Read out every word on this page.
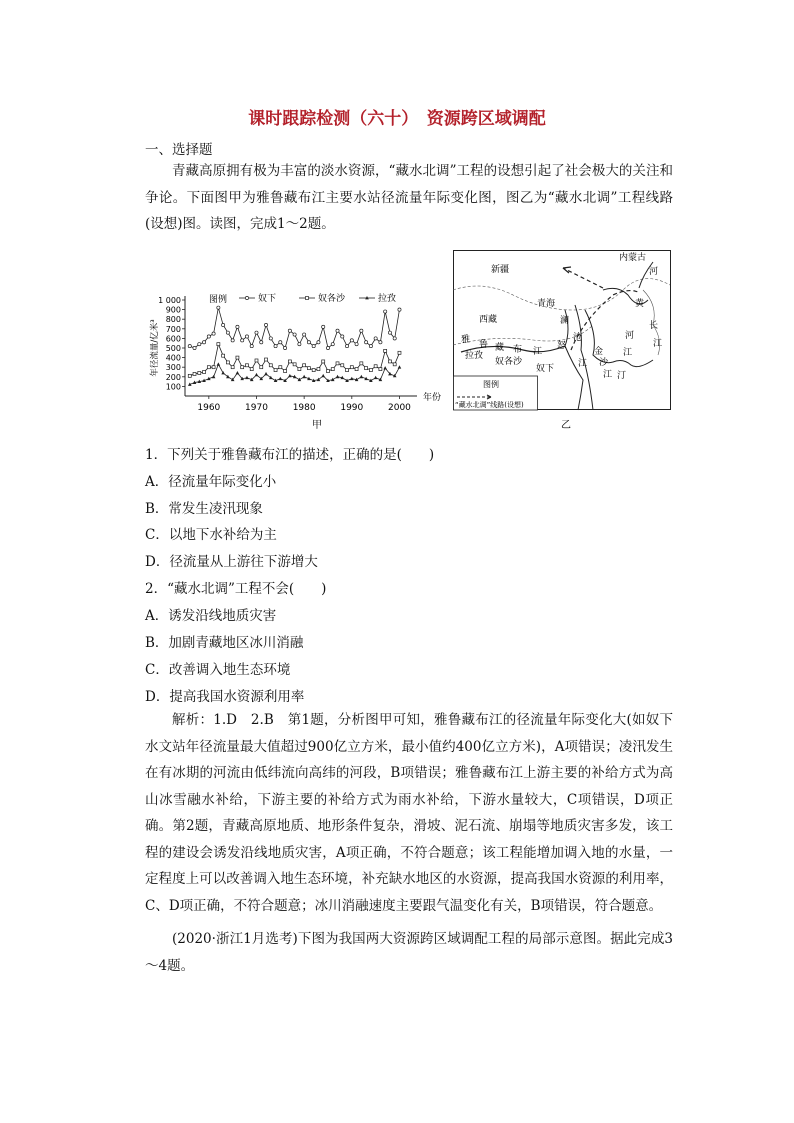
课时跟踪检测（六十）　资源跨区域调配
一、选择题
青藏高原拥有极为丰富的淡水资源，“藏水北调”工程的设想引起了社会极大的关注和争论。下面图甲为雅鲁藏布江主要水站径流量年际变化图，图乙为“藏水北调”工程线路(设想)图。读图，完成1～2题。
100
200
300
400
500
600
700
800
900
1 000
1960	1970	1980	1990	2000
年份
年径流量/亿米³
图例	奴下	奴各沙	拉孜
甲
新疆
青海
西藏
内蒙古
河
黄
澜
雅 鲁 藏 布 江
怒
沧
金
沙
江
拉孜
奴各沙
奴下
长
江
汀
河
江
江
图例
“藏水北调”线路(设想)
乙
1．下列关于雅鲁藏布江的描述，正确的是(　　)
A．径流量年际变化小
B．常发生凌汛现象
C．以地下水补给为主
D．径流量从上游往下游增大
2．“藏水北调”工程不会(　　)
A．诱发沿线地质灾害
B．加剧青藏地区冰川消融
C．改善调入地生态环境
D．提高我国水资源利用率
解析：1.D　2.B　第1题，分析图甲可知，雅鲁藏布江的径流量年际变化大(如奴下水文站年径流量最大值超过900亿立方米，最小值约400亿立方米)，A项错误；凌汛发生在有冰期的河流由低纬流向高纬的河段，B项错误；雅鲁藏布江上游主要的补给方式为高山冰雪融水补给，下游主要的补给方式为雨水补给，下游水量较大，C项错误，D项正确。第2题，青藏高原地质、地形条件复杂，滑坡、泥石流、崩塌等地质灾害多发，该工程的建设会诱发沿线地质灾害，A项正确，不符合题意；该工程能增加调入地的水量，一定程度上可以改善调入地生态环境，补充缺水地区的水资源，提高我国水资源的利用率，C、D项正确，不符合题意；冰川消融速度主要跟气温变化有关，B项错误，符合题意。
(2020·浙江1月选考)下图为我国两大资源跨区域调配工程的局部示意图。据此完成3～4题。
